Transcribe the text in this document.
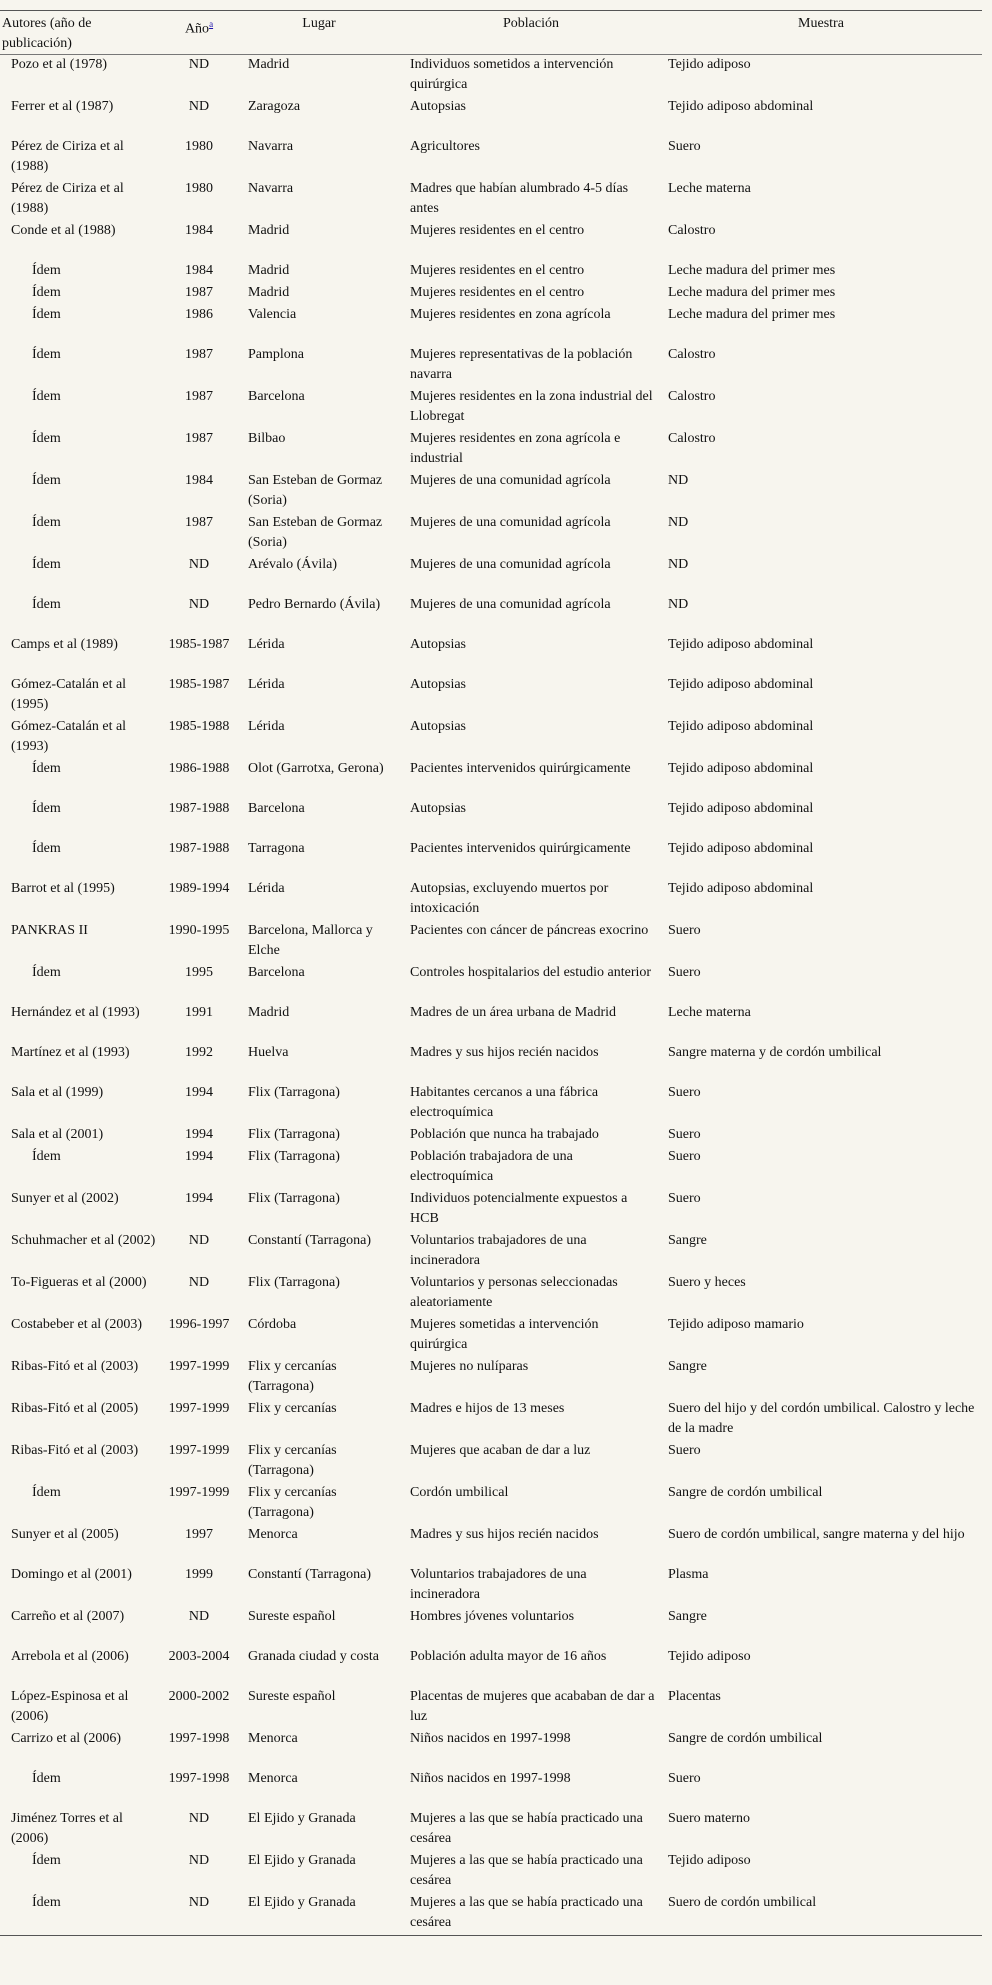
Autores (año de publicación)	Año$^a$	Lugar	Población	Muestra
Pozo et al (1978)	ND	Madrid	Individuos sometidos a intervención quirúrgica	Tejido adiposo
Ferrer et al (1987)	ND	Zaragoza	Autopsias	Tejido adiposo abdominal
Pérez de Ciriza et al (1988)	1980	Navarra	Agricultores	Suero
Pérez de Ciriza et al (1988)	1980	Navarra	Madres que habían alumbrado 4-5 días antes	Leche materna
Conde et al (1988)	1984	Madrid	Mujeres residentes en el centro	Calostro
Ídem	1984	Madrid	Mujeres residentes en el centro	Leche madura del primer mes
Ídem	1987	Madrid	Mujeres residentes en el centro	Leche madura del primer mes
Ídem	1986	Valencia	Mujeres residentes en zona agrícola	Leche madura del primer mes
Ídem	1987	Pamplona	Mujeres representativas de la población navarra	Calostro
Ídem	1987	Barcelona	Mujeres residentes en la zona industrial del Llobregat	Calostro
Ídem	1987	Bilbao	Mujeres residentes en zona agrícola e industrial	Calostro
Ídem	1984	San Esteban de Gormaz (Soria)	Mujeres de una comunidad agrícola	ND
Ídem	1987	San Esteban de Gormaz (Soria)	Mujeres de una comunidad agrícola	ND
Ídem	ND	Arévalo (Ávila)	Mujeres de una comunidad agrícola	ND
Ídem	ND	Pedro Bernardo (Ávila)	Mujeres de una comunidad agrícola	ND
Camps et al (1989)	1985-1987	Lérida	Autopsias	Tejido adiposo abdominal
Gómez-Catalán et al (1995)	1985-1987	Lérida	Autopsias	Tejido adiposo abdominal
Gómez-Catalán et al (1993)	1985-1988	Lérida	Autopsias	Tejido adiposo abdominal
Ídem	1986-1988	Olot (Garrotxa, Gerona)	Pacientes intervenidos quirúrgicamente	Tejido adiposo abdominal
Ídem	1987-1988	Barcelona	Autopsias	Tejido adiposo abdominal
Ídem	1987-1988	Tarragona	Pacientes intervenidos quirúrgicamente	Tejido adiposo abdominal
Barrot et al (1995)	1989-1994	Lérida	Autopsias, excluyendo muertos por intoxicación	Tejido adiposo abdominal
PANKRAS II	1990-1995	Barcelona, Mallorca y Elche	Pacientes con cáncer de páncreas exocrino	Suero
Ídem	1995	Barcelona	Controles hospitalarios del estudio anterior	Suero
Hernández et al (1993)	1991	Madrid	Madres de un área urbana de Madrid	Leche materna
Martínez et al (1993)	1992	Huelva	Madres y sus hijos recién nacidos	Sangre materna y de cordón umbilical
Sala et al (1999)	1994	Flix (Tarragona)	Habitantes cercanos a una fábrica electroquímica	Suero
Sala et al (2001)	1994	Flix (Tarragona)	Población que nunca ha trabajado	Suero
Ídem	1994	Flix (Tarragona)	Población trabajadora de una electroquímica	Suero
Sunyer et al (2002)	1994	Flix (Tarragona)	Individuos potencialmente expuestos a HCB	Suero
Schuhmacher et al (2002)	ND	Constantí (Tarragona)	Voluntarios trabajadores de una incineradora	Sangre
To-Figueras et al (2000)	ND	Flix (Tarragona)	Voluntarios y personas seleccionadas aleatoriamente	Suero y heces
Costabeber et al (2003)	1996-1997	Córdoba	Mujeres sometidas a intervención quirúrgica	Tejido adiposo mamario
Ribas-Fitó et al (2003)	1997-1999	Flix y cercanías (Tarragona)	Mujeres no nulíparas	Sangre
Ribas-Fitó et al (2005)	1997-1999	Flix y cercanías	Madres e hijos de 13 meses	Suero del hijo y del cordón umbilical. Calostro y leche de la madre
Ribas-Fitó et al (2003)	1997-1999	Flix y cercanías (Tarragona)	Mujeres que acaban de dar a luz	Suero
Ídem	1997-1999	Flix y cercanías (Tarragona)	Cordón umbilical	Sangre de cordón umbilical
Sunyer et al (2005)	1997	Menorca	Madres y sus hijos recién nacidos	Suero de cordón umbilical, sangre materna y del hijo
Domingo et al (2001)	1999	Constantí (Tarragona)	Voluntarios trabajadores de una incineradora	Plasma
Carreño et al (2007)	ND	Sureste español	Hombres jóvenes voluntarios	Sangre
Arrebola et al (2006)	2003-2004	Granada ciudad y costa	Población adulta mayor de 16 años	Tejido adiposo
López-Espinosa et al (2006)	2000-2002	Sureste español	Placentas de mujeres que acababan de dar a luz	Placentas
Carrizo et al (2006)	1997-1998	Menorca	Niños nacidos en 1997-1998	Sangre de cordón umbilical
Ídem	1997-1998	Menorca	Niños nacidos en 1997-1998	Suero
Jiménez Torres et al (2006)	ND	El Ejido y Granada	Mujeres a las que se había practicado una cesárea	Suero materno
Ídem	ND	El Ejido y Granada	Mujeres a las que se había practicado una cesárea	Tejido adiposo
Ídem	ND	El Ejido y Granada	Mujeres a las que se había practicado una cesárea	Suero de cordón umbilical
